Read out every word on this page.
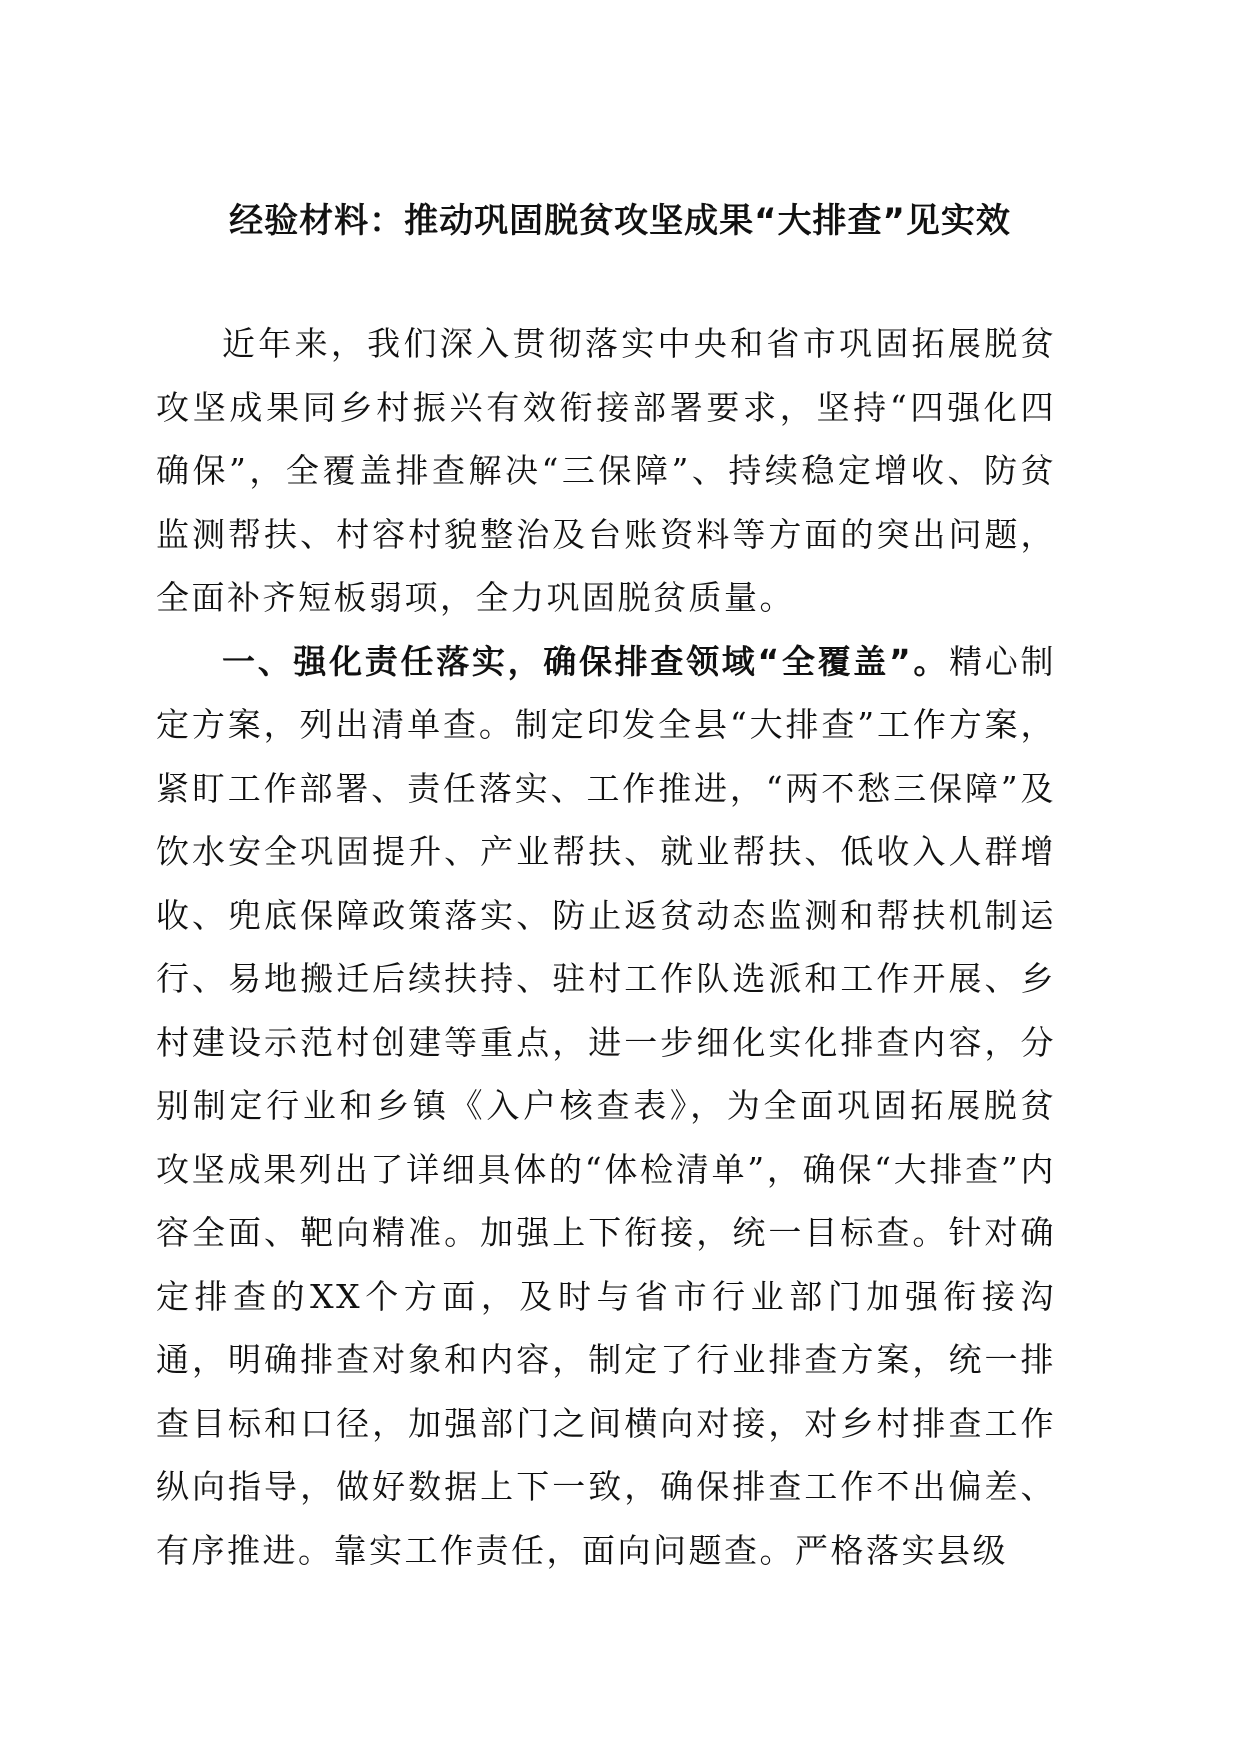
经验材料：推动巩固脱贫攻坚成果“大排查”见实效

近年来，我们深入贯彻落实中央和省市巩固拓展脱贫攻坚成果同乡村振兴有效衔接部署要求，坚持“四强化四确保”，全覆盖排查解决“三保障”、持续稳定增收、防贫监测帮扶、村容村貌整治及台账资料等方面的突出问题，全面补齐短板弱项，全力巩固脱贫质量。

一、强化责任落实，确保排查领域“全覆盖”。精心制定方案，列出清单查。制定印发全县“大排查”工作方案，紧盯工作部署、责任落实、工作推进，“两不愁三保障”及饮水安全巩固提升、产业帮扶、就业帮扶、低收入人群增收、兜底保障政策落实、防止返贫动态监测和帮扶机制运行、易地搬迁后续扶持、驻村工作队选派和工作开展、乡村建设示范村创建等重点，进一步细化实化排查内容，分别制定行业和乡镇《入户核查表》，为全面巩固拓展脱贫攻坚成果列出了详细具体的“体检清单”，确保“大排查”内容全面、靶向精准。加强上下衔接，统一目标查。针对确定排查的XX个方面，及时与省市行业部门加强衔接沟通，明确排查对象和内容，制定了行业排查方案，统一排查目标和口径，加强部门之间横向对接，对乡村排查工作纵向指导，做好数据上下一致，确保排查工作不出偏差、有序推进。靠实工作责任，面向问题查。严格落实县级
